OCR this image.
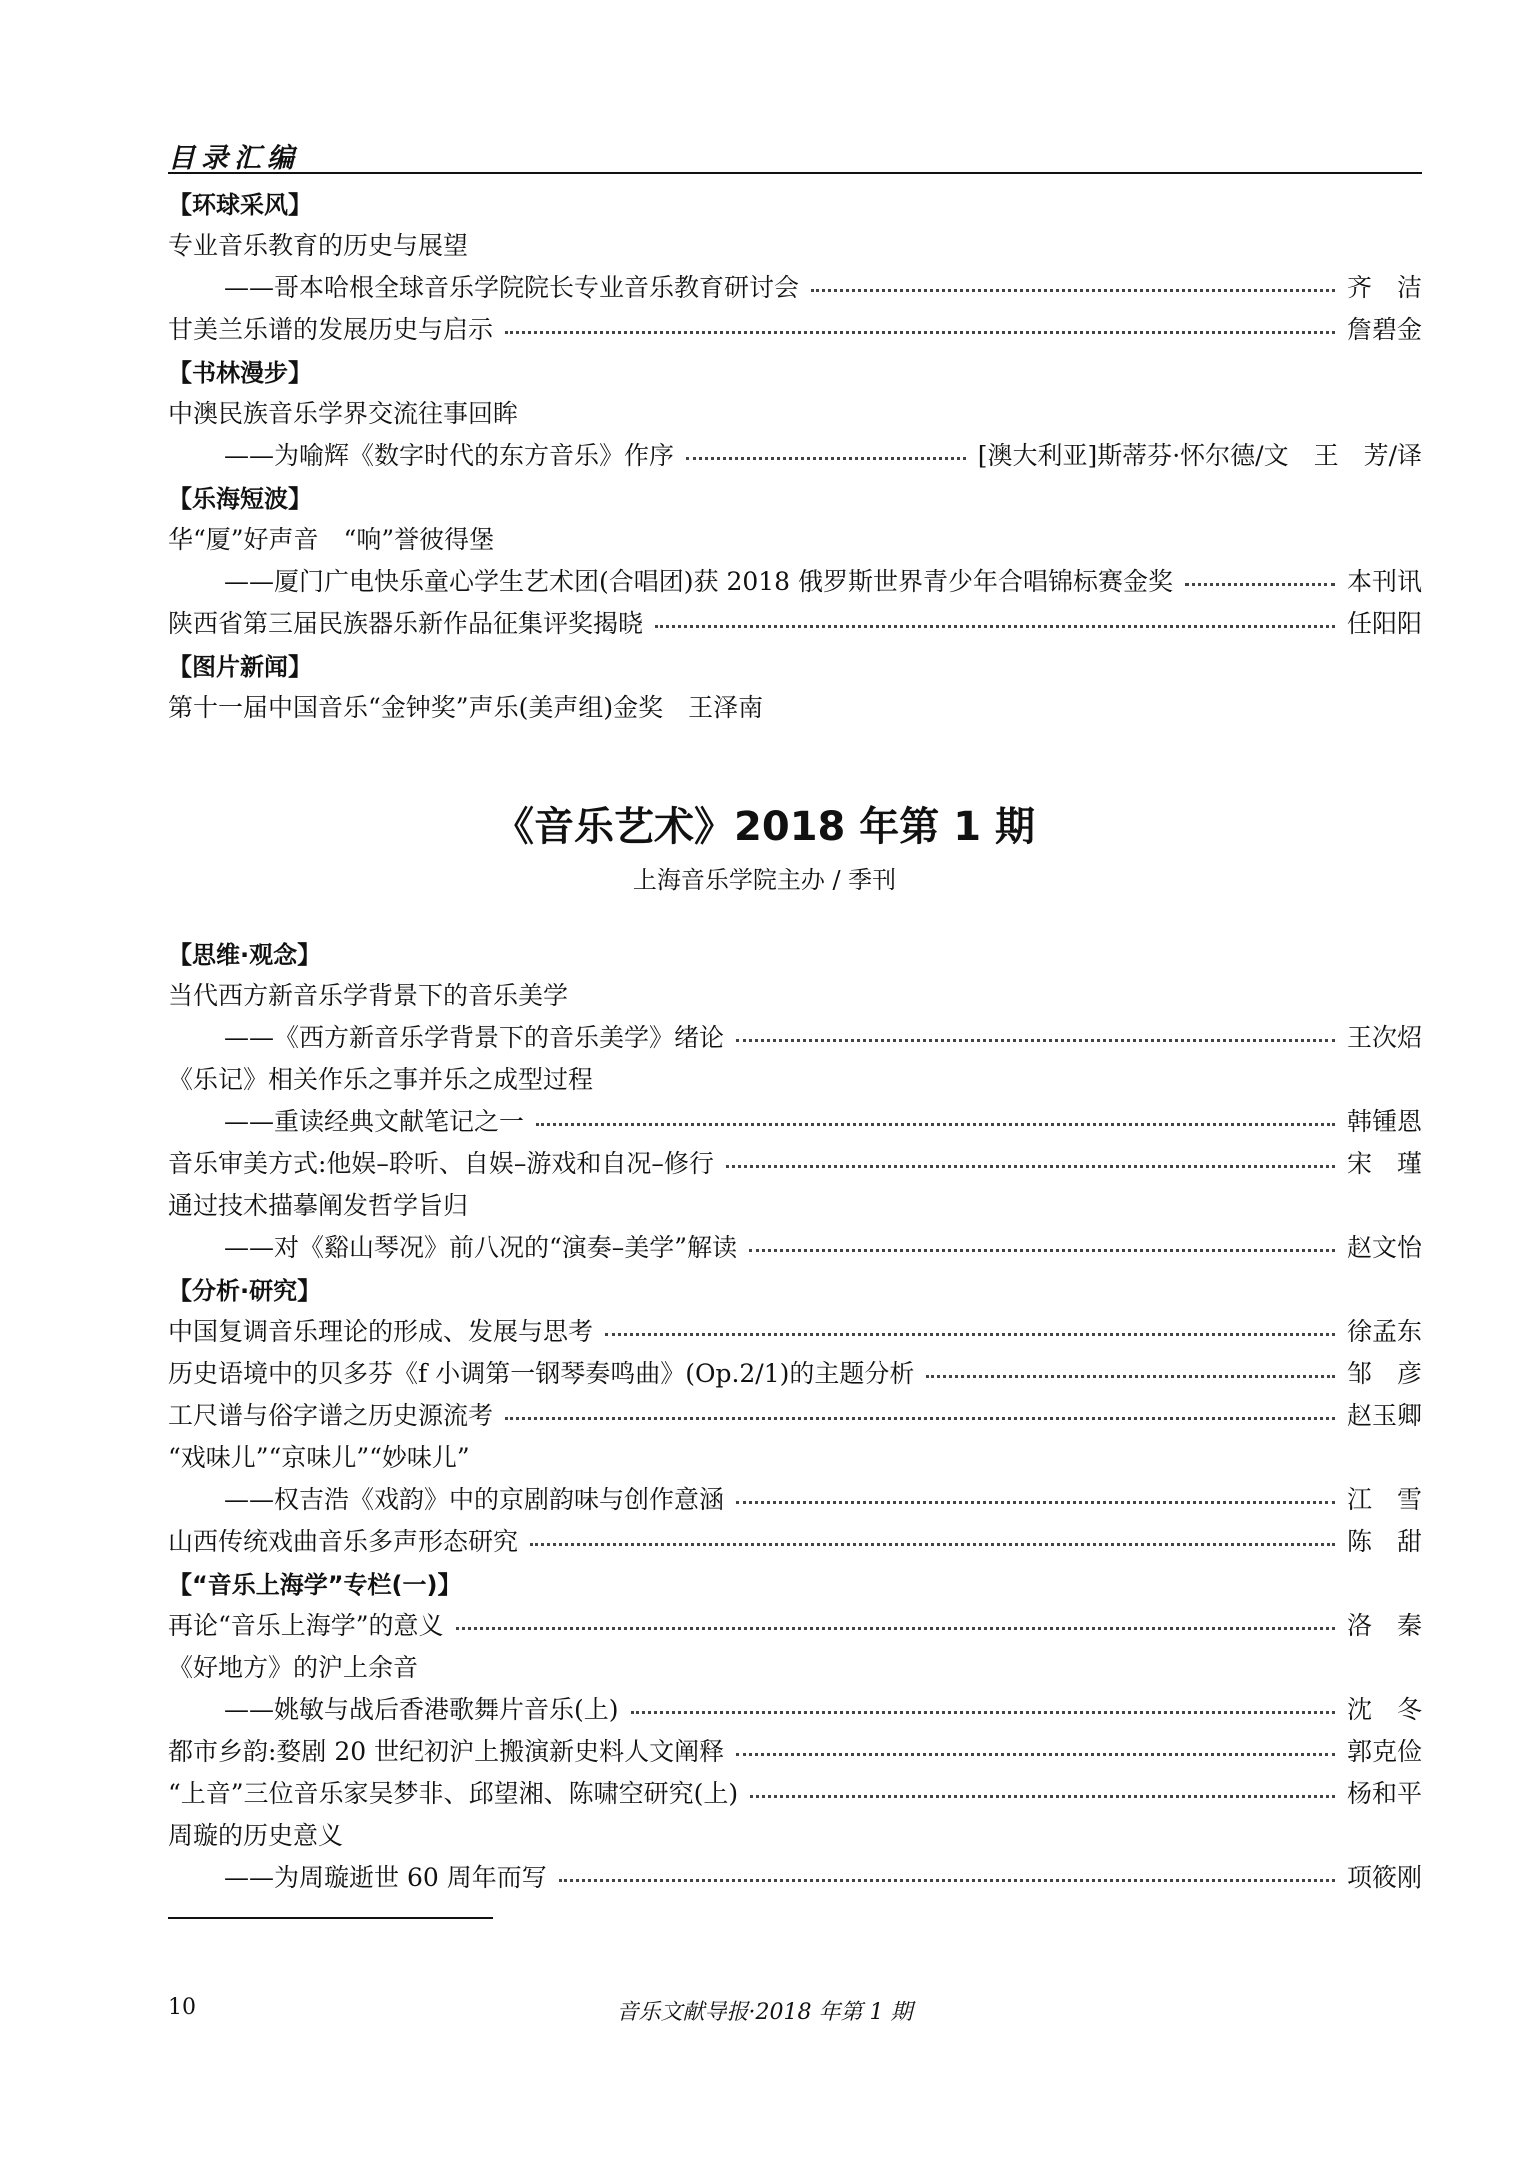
目录汇编
【环球采风】
专业音乐教育的历史与展望
——哥本哈根全球音乐学院院长专业音乐教育研讨会	齐　洁
甘美兰乐谱的发展历史与启示	詹碧金
【书林漫步】
中澳民族音乐学界交流往事回眸
——为喻辉《数字时代的东方音乐》作序	[澳大利亚]斯蒂芬·怀尔德/文　王　芳/译
【乐海短波】
华“厦”好声音　“响”誉彼得堡
——厦门广电快乐童心学生艺术团(合唱团)获 2018 俄罗斯世界青少年合唱锦标赛金奖	本刊讯
陕西省第三届民族器乐新作品征集评奖揭晓	任阳阳
【图片新闻】
第十一届中国音乐“金钟奖”声乐(美声组)金奖　王泽南
《音乐艺术》2018 年第 1 期
上海音乐学院主办 / 季刊
【思维·观念】
当代西方新音乐学背景下的音乐美学
——《西方新音乐学背景下的音乐美学》绪论	王次炤
《乐记》相关作乐之事并乐之成型过程
——重读经典文献笔记之一	韩锺恩
音乐审美方式:他娱–聆听、自娱–游戏和自况–修行	宋　瑾
通过技术描摹阐发哲学旨归
——对《谿山琴况》前八况的“演奏–美学”解读	赵文怡
【分析·研究】
中国复调音乐理论的形成、发展与思考	徐孟东
历史语境中的贝多芬《f 小调第一钢琴奏鸣曲》(Op.2/1)的主题分析	邹　彦
工尺谱与俗字谱之历史源流考	赵玉卿
“戏味儿”“京味儿”“妙味儿”
——权吉浩《戏韵》中的京剧韵味与创作意涵	江　雪
山西传统戏曲音乐多声形态研究	陈　甜
【“音乐上海学”专栏(一)】
再论“音乐上海学”的意义	洛　秦
《好地方》的沪上余音
——姚敏与战后香港歌舞片音乐(上)	沈　冬
都市乡韵:婺剧 20 世纪初沪上搬演新史料人文阐释	郭克俭
“上音”三位音乐家吴梦非、邱望湘、陈啸空研究(上)	杨和平
周璇的历史意义
——为周璇逝世 60 周年而写	项筱刚
10	音乐文献导报·2018 年第 1 期
